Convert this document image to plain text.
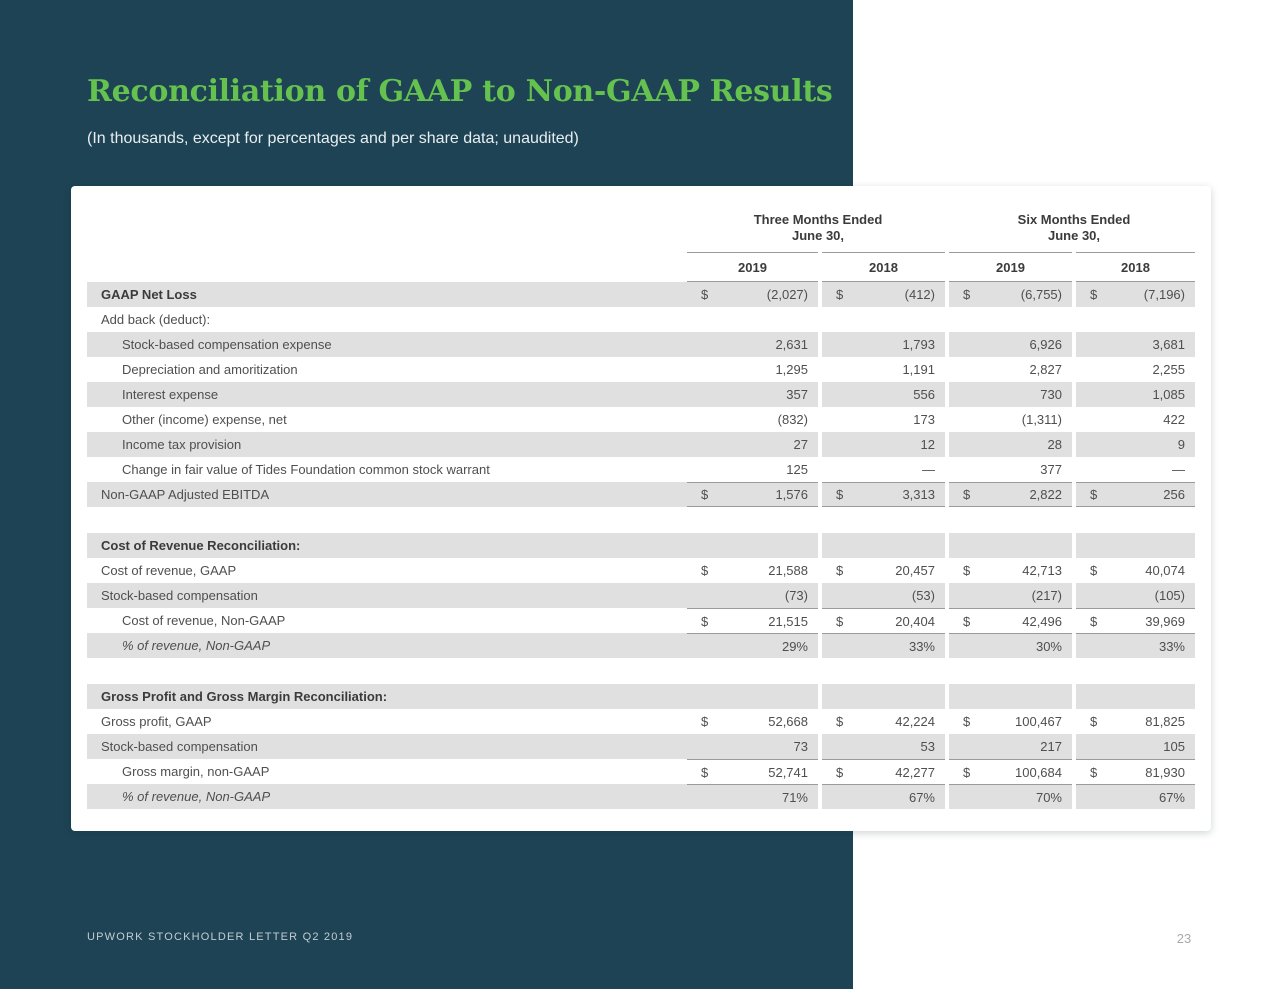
Reconciliation of GAAP to Non-GAAP Results
(In thousands, except for percentages and per share data; unaudited)
Three Months Ended
June 30,
Six Months Ended
June 30,
2019	2018	2019	2018
GAAP Net Loss	$	(2,027) $	(412) $	(6,755) $	(7,196)
Add back (deduct):
Stock-based compensation expense	2,631	1,793	6,926	3,681
Depreciation and amoritization	1,295	1,191	2,827	2,255
Interest expense	357	556	730	1,085
Other (income) expense, net	(832)	173	(1,311)	422
Income tax provision	27	12	28	9
Change in fair value of Tides Foundation common stock warrant	125	—	377	—
Non-GAAP Adjusted EBITDA	$	1,576 $	3,313 $	2,822 $	256
Cost of Revenue Reconciliation:
Cost of revenue, GAAP	$	21,588 $	20,457 $	42,713 $	40,074
Stock-based compensation	(73)	(53)	(217)	(105)
Cost of revenue, Non-GAAP	$	21,515 $	20,404 $	42,496 $	39,969
% of revenue, Non-GAAP	29%	33%	30%	33%
Gross Profit and Gross Margin Reconciliation:
Gross profit, GAAP	$	52,668 $	42,224 $	100,467 $	81,825
Stock-based compensation	73	53	217	105
Gross margin, non-GAAP	$	52,741 $	42,277 $	100,684 $	81,930
% of revenue, Non-GAAP	71%	67%	70%	67%
UPWORK STOCKHOLDER LETTER Q2 2019	23
